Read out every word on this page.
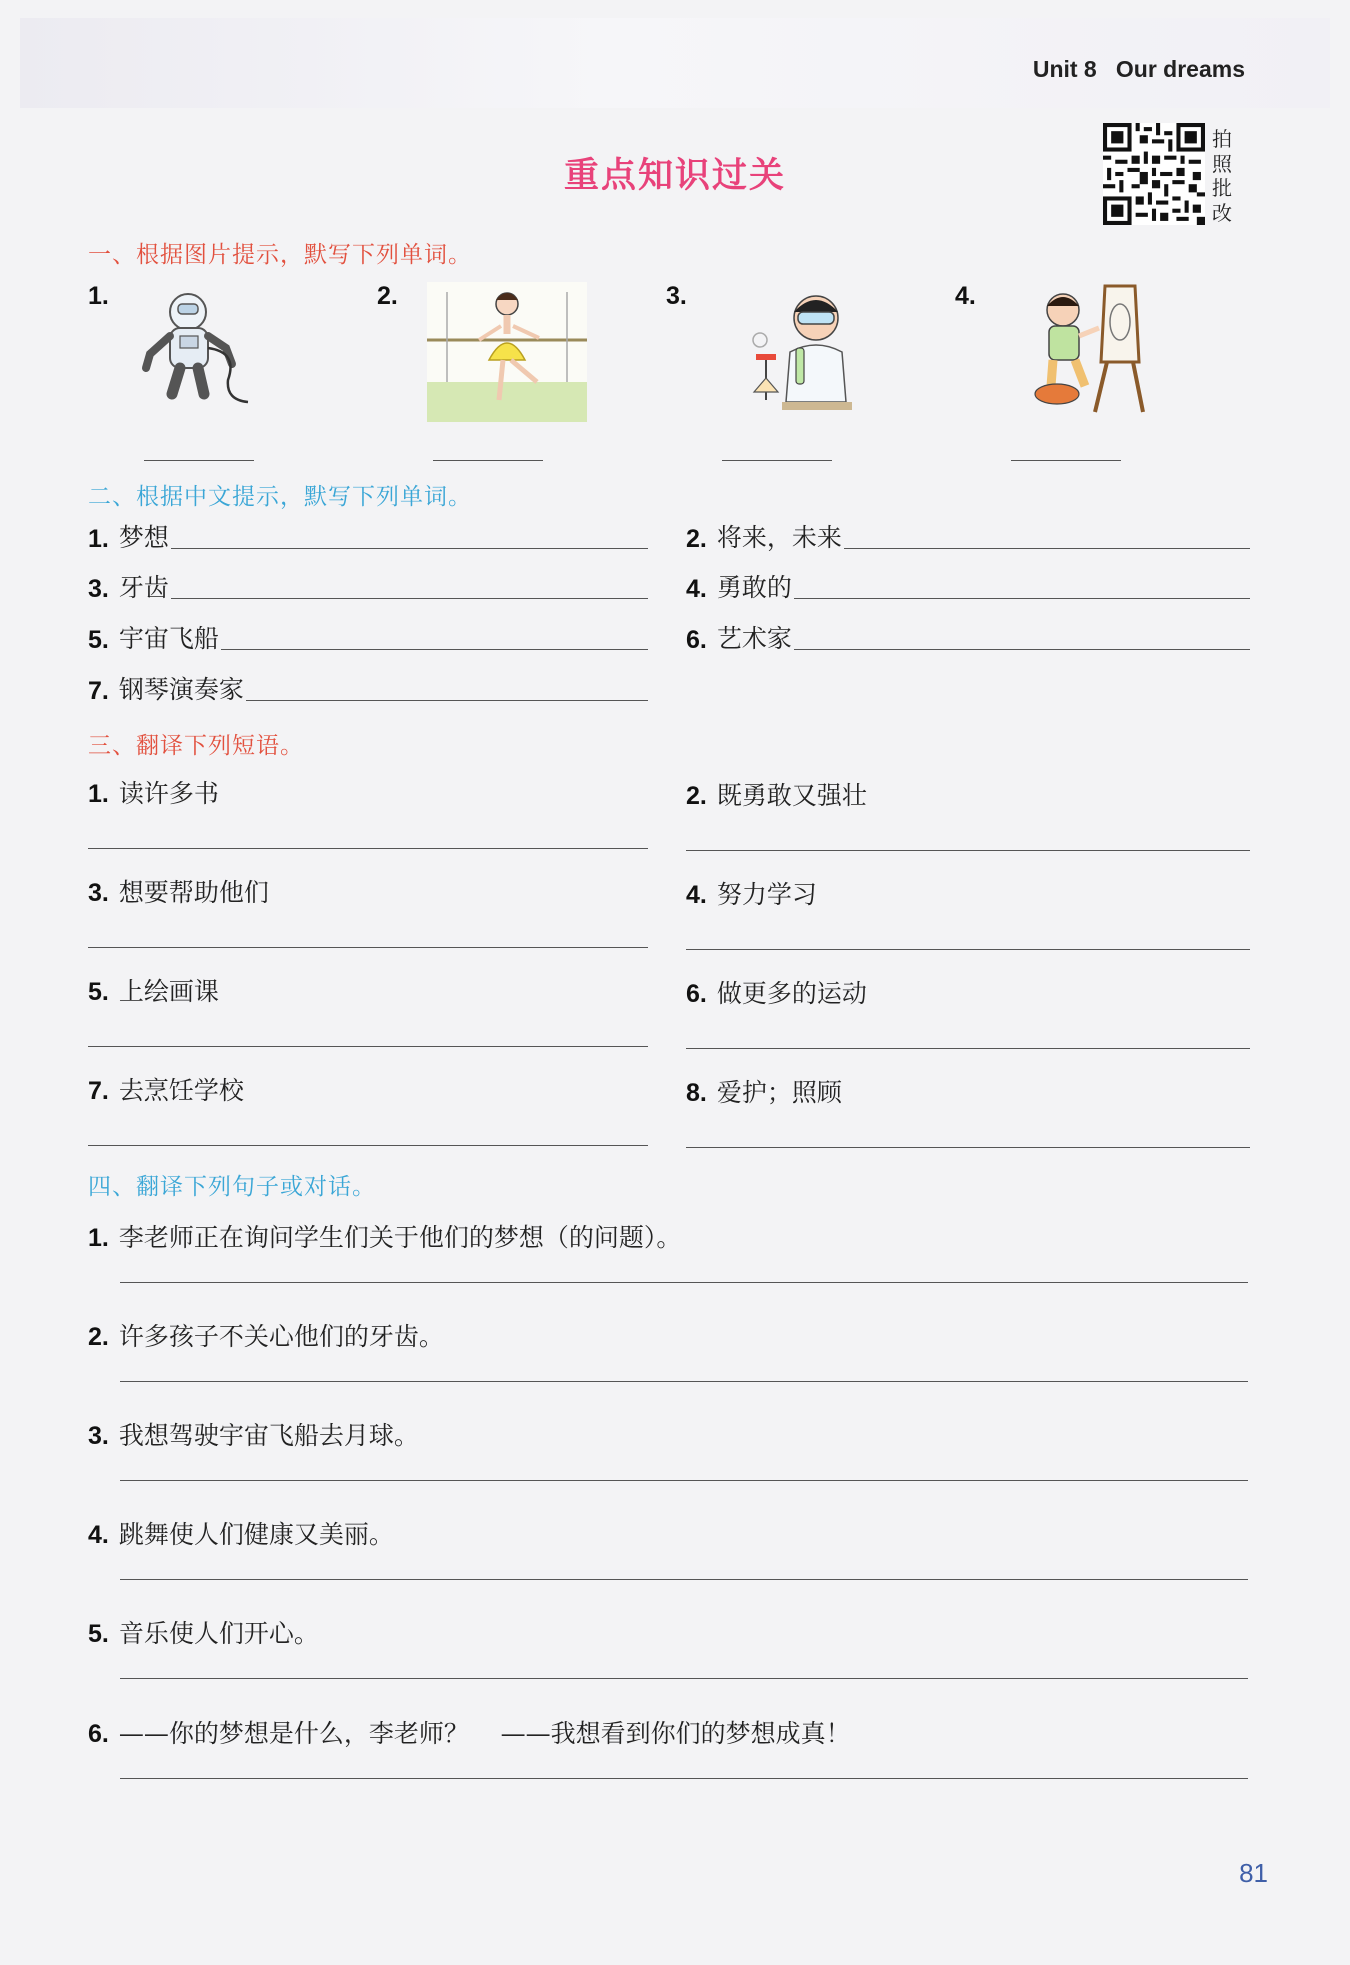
Unit 8   Our dreams
重点知识过关
拍照批改
一、根据图片提示，默写下列单词。
1.	2.	3.	4.
二、根据中文提示，默写下列单词。
1. 梦想	2. 将来，未来
3. 牙齿	4. 勇敢的
5. 宇宙飞船	6. 艺术家
7. 钢琴演奏家
三、翻译下列短语。
1. 读许多书	2. 既勇敢又强壮
3. 想要帮助他们	4. 努力学习
5. 上绘画课	6. 做更多的运动
7. 去烹饪学校	8. 爱护；照顾
四、翻译下列句子或对话。
1. 李老师正在询问学生们关于他们的梦想（的问题）。
2. 许多孩子不关心他们的牙齿。
3. 我想驾驶宇宙飞船去月球。
4. 跳舞使人们健康又美丽。
5. 音乐使人们开心。
6. ——你的梦想是什么，李老师？    ——我想看到你们的梦想成真！
81
